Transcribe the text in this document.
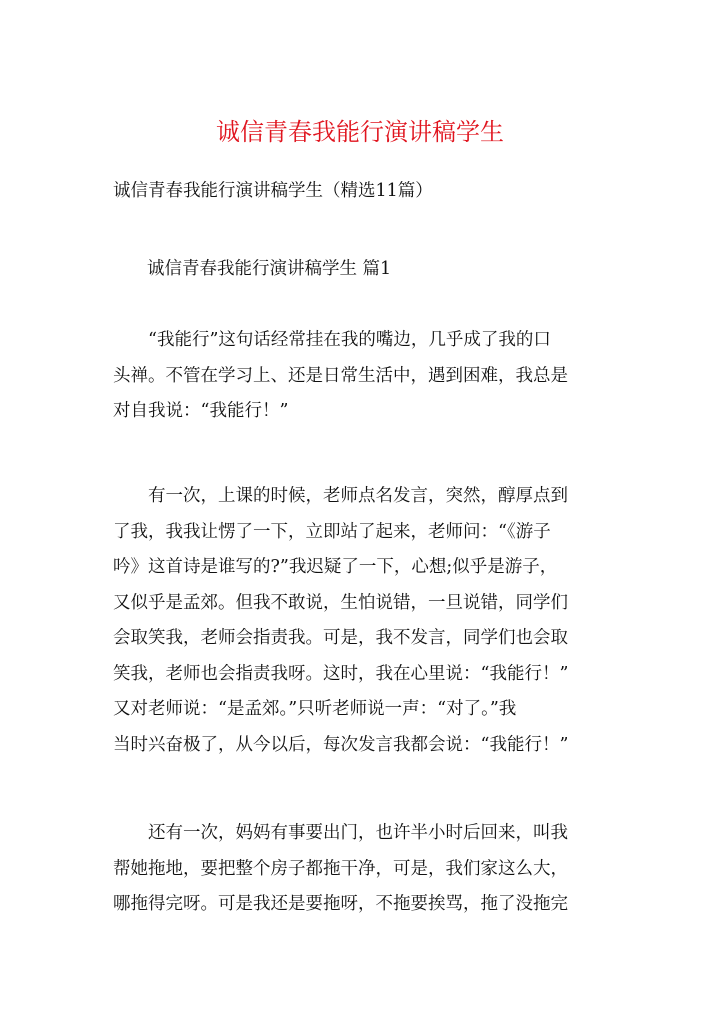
诚信青春我能行演讲稿学生
诚信青春我能行演讲稿学生（精选11篇）
诚信青春我能行演讲稿学生 篇1
　　“我能行”这句话经常挂在我的嘴边，几乎成了我的口
头禅。不管在学习上、还是日常生活中，遇到困难，我总是
对自我说：“我能行！”
　　有一次，上课的时候，老师点名发言，突然，醇厚点到
了我，我我让愣了一下，立即站了起来，老师问：“《游子
吟》这首诗是谁写的?”我迟疑了一下，心想;似乎是游子，
又似乎是孟郊。但我不敢说，生怕说错，一旦说错，同学们
会取笑我，老师会指责我。可是，我不发言，同学们也会取
笑我，老师也会指责我呀。这时，我在心里说：“我能行！”
又对老师说：“是孟郊。”只听老师说一声：“对了。”我
当时兴奋极了，从今以后，每次发言我都会说：“我能行！”
　　还有一次，妈妈有事要出门，也许半小时后回来，叫我
帮她拖地，要把整个房子都拖干净，可是，我们家这么大，
哪拖得完呀。可是我还是要拖呀，不拖要挨骂，拖了没拖完
